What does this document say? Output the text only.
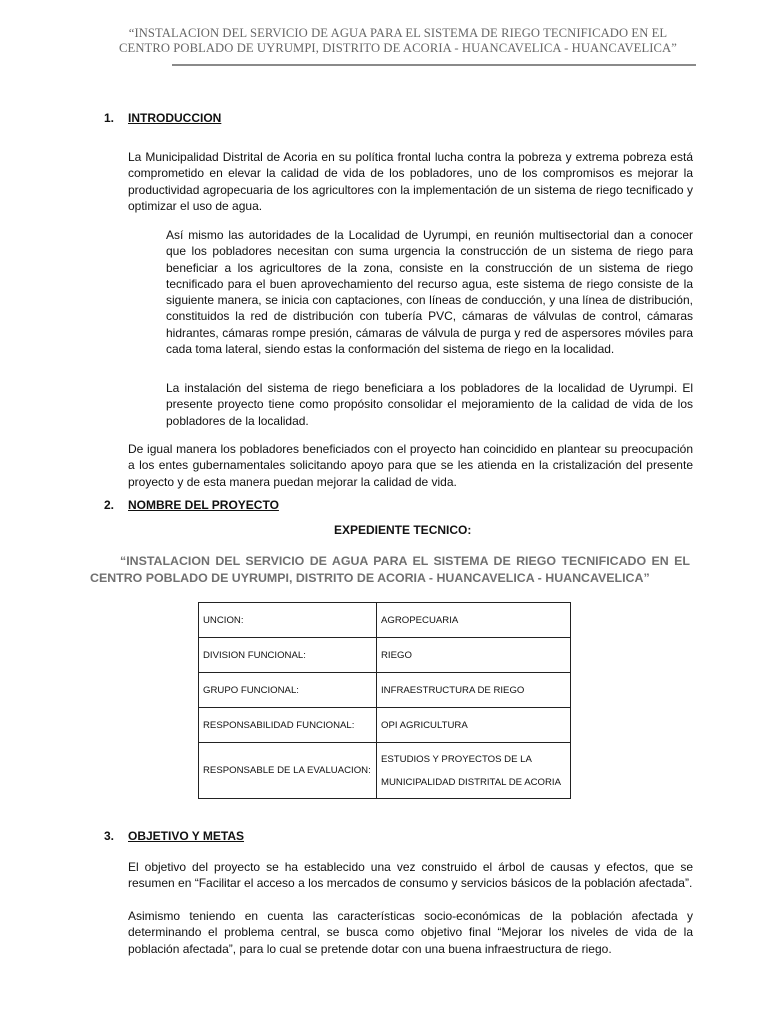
“INSTALACION DEL SERVICIO DE AGUA PARA EL SISTEMA DE RIEGO TECNIFICADO EN EL
CENTRO POBLADO DE UYRUMPI, DISTRITO DE ACORIA - HUANCAVELICA - HUANCAVELICA”
1. INTRODUCCION
La Municipalidad Distrital de Acoria en su política frontal lucha contra la pobreza y extrema pobreza está comprometido en elevar la calidad de vida de los pobladores, uno de los compromisos es mejorar la productividad agropecuaria de los agricultores con la implementación de un sistema de riego tecnificado y optimizar el uso de agua.
Así mismo las autoridades de la Localidad de Uyrumpi, en reunión multisectorial dan a conocer que los pobladores necesitan con suma urgencia la construcción de un sistema de riego para beneficiar a los agricultores de la zona, consiste en la construcción de un sistema de riego tecnificado para el buen aprovechamiento del recurso agua, este sistema de riego consiste de la siguiente manera, se inicia con captaciones, con líneas de conducción, y una línea de distribución, constituidos la red de distribución con tubería PVC, cámaras de válvulas de control, cámaras hidrantes, cámaras rompe presión, cámaras de válvula de purga y red de aspersores móviles para cada toma lateral, siendo estas la conformación del sistema de riego en la localidad.
La instalación del sistema de riego beneficiara a los pobladores de la localidad de Uyrumpi. El presente proyecto tiene como propósito consolidar el mejoramiento de la calidad de vida de los pobladores de la localidad.
De igual manera los pobladores beneficiados con el proyecto han coincidido en plantear su preocupación a los entes gubernamentales solicitando apoyo para que se les atienda en la cristalización del presente proyecto y de esta manera puedan mejorar la calidad de vida.
2. NOMBRE DEL PROYECTO
EXPEDIENTE TECNICO:
“INSTALACION DEL SERVICIO DE AGUA PARA EL SISTEMA DE RIEGO TECNIFICADO EN EL CENTRO POBLADO DE UYRUMPI, DISTRITO DE ACORIA - HUANCAVELICA - HUANCAVELICA”
UNCION:	AGROPECUARIA
DIVISION FUNCIONAL:	RIEGO
GRUPO FUNCIONAL:	INFRAESTRUCTURA DE RIEGO
RESPONSABILIDAD FUNCIONAL:	OPI AGRICULTURA
RESPONSABLE DE LA EVALUACION:	ESTUDIOS Y PROYECTOS DE LA
MUNICIPALIDAD DISTRITAL DE ACORIA
3. OBJETIVO Y METAS
El objetivo del proyecto se ha establecido una vez construido el árbol de causas y efectos, que se resumen en “Facilitar el acceso a los mercados de consumo y servicios básicos de la población afectada”.
Asimismo teniendo en cuenta las características socio-económicas de la población afectada y determinando el problema central, se busca como objetivo final “Mejorar los niveles de vida de la población afectada”, para lo cual se pretende dotar con una buena infraestructura de riego.
